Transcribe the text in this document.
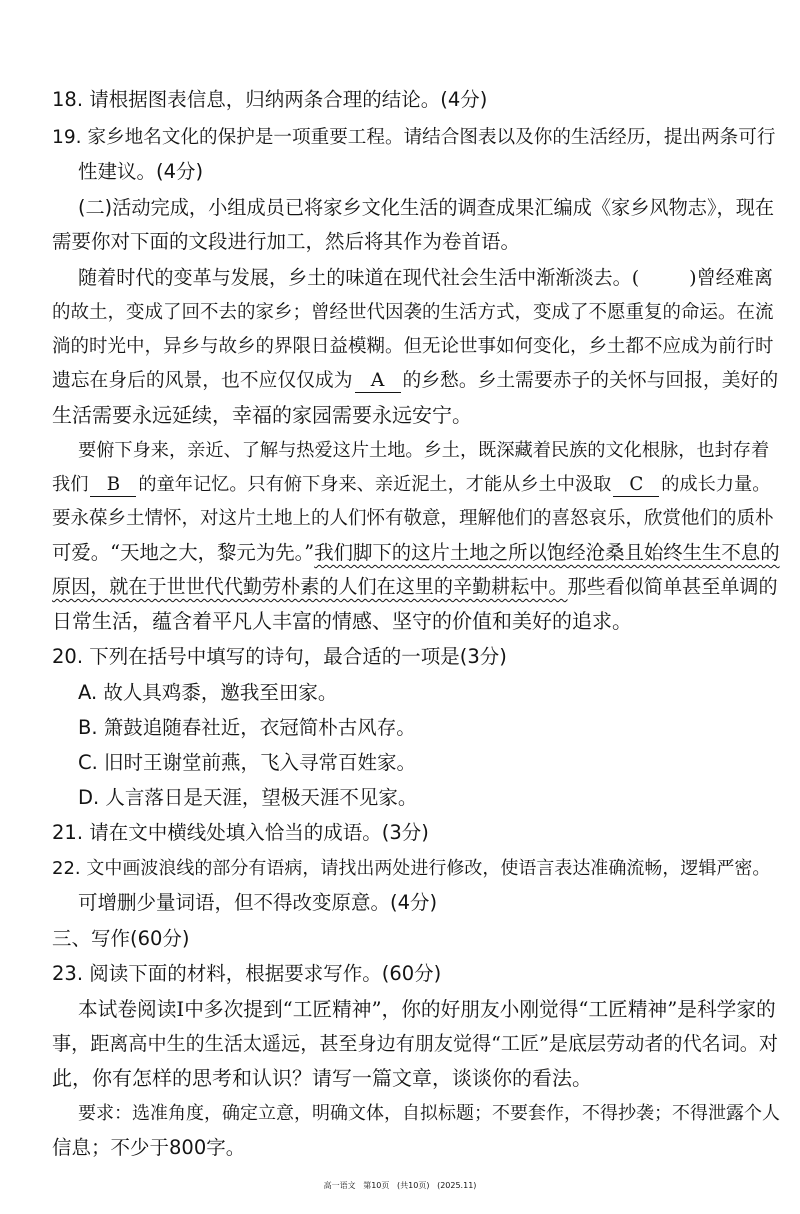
18. 请根据图表信息，归纳两条合理的结论。(4分)
19. 家乡地名文化的保护是一项重要工程。请结合图表以及你的生活经历，提出两条可行
性建议。(4分)
(二)活动完成，小组成员已将家乡文化生活的调查成果汇编成《家乡风物志》，现在
需要你对下面的文段进行加工，然后将其作为卷首语。
随着时代的变革与发展，乡土的味道在现代社会生活中渐渐淡去。(	)曾经难离
的故土，变成了回不去的家乡；曾经世代因袭的生活方式，变成了不愿重复的命运。在流
淌的时光中，异乡与故乡的界限日益模糊。但无论世事如何变化，乡土都不应成为前行时
遗忘在身后的风景，也不应仅仅成为 A 的乡愁。乡土需要赤子的关怀与回报，美好的
生活需要永远延续，幸福的家园需要永远安宁。
要俯下身来，亲近、了解与热爱这片土地。乡土，既深藏着民族的文化根脉，也封存着
我们 B 的童年记忆。只有俯下身来、亲近泥土，才能从乡土中汲取 C 的成长力量。
要永葆乡土情怀，对这片土地上的人们怀有敬意，理解他们的喜怒哀乐，欣赏他们的质朴
可爱。“天地之大，黎元为先。”我们脚下的这片土地之所以饱经沧桑且始终生生不息的
原因，就在于世世代代勤劳朴素的人们在这里的辛勤耕耘中。那些看似简单甚至单调的
日常生活，蕴含着平凡人丰富的情感、坚守的价值和美好的追求。
20. 下列在括号中填写的诗句，最合适的一项是(3分)
A. 故人具鸡黍，邀我至田家。
B. 箫鼓追随春社近，衣冠简朴古风存。
C. 旧时王谢堂前燕，飞入寻常百姓家。
D. 人言落日是天涯，望极天涯不见家。
21. 请在文中横线处填入恰当的成语。(3分)
22. 文中画波浪线的部分有语病，请找出两处进行修改，使语言表达准确流畅，逻辑严密。
可增删少量词语，但不得改变原意。(4分)
三、写作(60分)
23. 阅读下面的材料，根据要求写作。(60分)
本试卷阅读Ⅰ中多次提到“工匠精神”，你的好朋友小刚觉得“工匠精神”是科学家的
事，距离高中生的生活太遥远，甚至身边有朋友觉得“工匠”是底层劳动者的代名词。对
此，你有怎样的思考和认识？请写一篇文章，谈谈你的看法。
要求：选准角度，确定立意，明确文体，自拟标题；不要套作，不得抄袭；不得泄露个人
信息；不少于800字。
高一语文   第10页   (共10页)   (2025.11)
